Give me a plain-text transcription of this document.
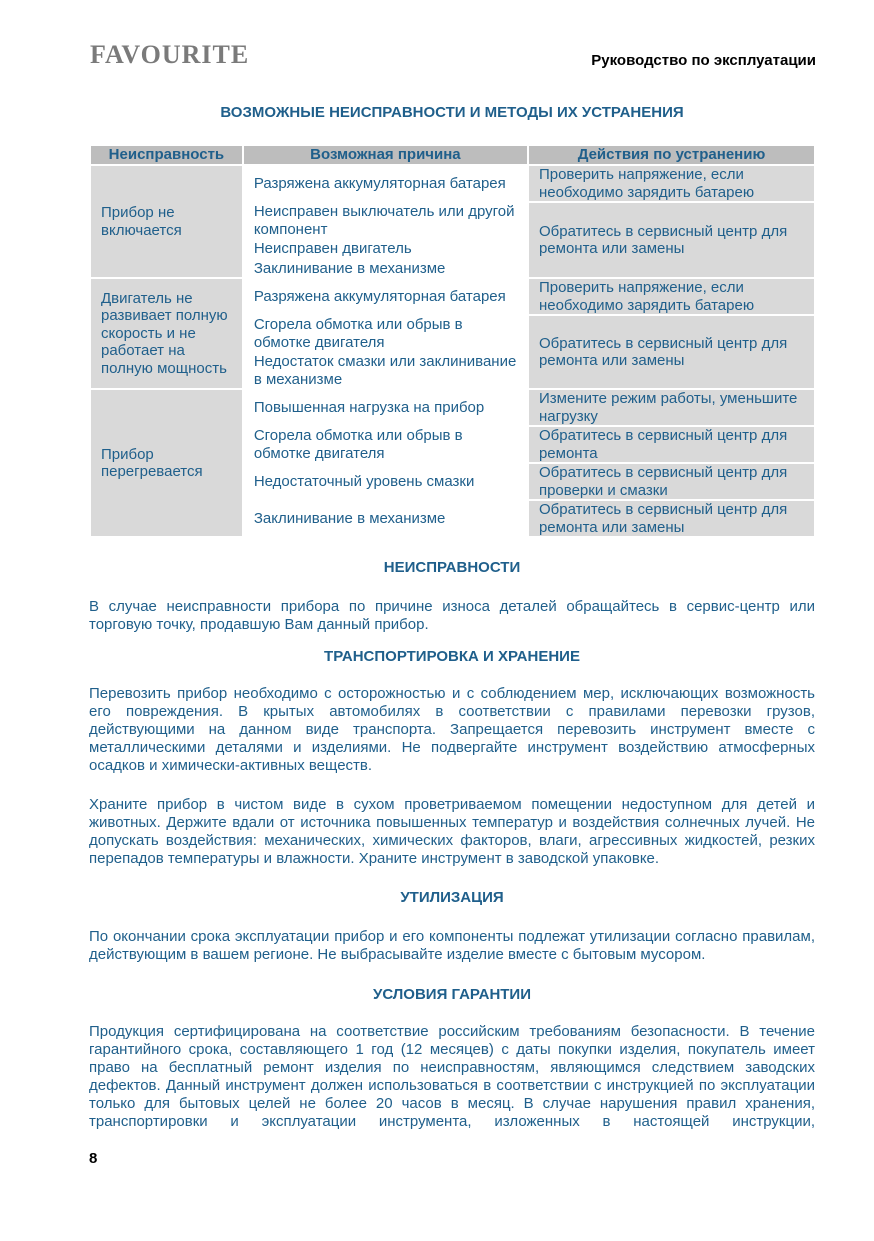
FAVOURITE	Руководство по эксплуатации
ВОЗМОЖНЫЕ НЕИСПРАВНОСТИ И МЕТОДЫ ИХ УСТРАНЕНИЯ
Неисправность	Возможная причина	Действия по устранению
Прибор не включается	Разряжена аккумуляторная батарея	Проверить напряжение, если необходимо зарядить батарею
	Неисправен выключатель или другой компонент	Обратитесь в сервисный центр для ремонта или замены
	Неисправен двигатель	
	Заклинивание в механизме	
Двигатель не развивает полную скорость и не работает на полную мощность	Разряжена аккумуляторная батарея	Проверить напряжение, если необходимо зарядить батарею
	Сгорела обмотка или обрыв в обмотке двигателя	Обратитесь в сервисный центр для ремонта или замены
	Недостаток смазки или заклинивание в механизме	
Прибор перегревается	Повышенная нагрузка на прибор	Измените режим работы, уменьшите нагрузку
	Сгорела обмотка или обрыв в обмотке двигателя	Обратитесь в сервисный центр для ремонта
	Недостаточный уровень смазки	Обратитесь в сервисный центр для проверки и смазки
	Заклинивание в механизме	Обратитесь в сервисный центр для ремонта или замены
НЕИСПРАВНОСТИ
В случае неисправности прибора по причине износа деталей обращайтесь в сервис-центр или торговую точку, продавшую Вам данный прибор.
ТРАНСПОРТИРОВКА И ХРАНЕНИЕ
Перевозить прибор необходимо с осторожностью и с соблюдением мер, исключающих возможность его повреждения. В крытых автомобилях в соответствии с правилами перевозки грузов, действующими на данном виде транспорта. Запрещается перевозить инструмент вместе с металлическими деталями и изделиями. Не подвергайте инструмент воздействию атмосферных осадков и химически-активных веществ.
Храните прибор в чистом виде в сухом проветриваемом помещении недоступном для детей и животных. Держите вдали от источника повышенных температур и воздействия солнечных лучей. Не допускать воздействия: механических, химических факторов, влаги, агрессивных жидкостей, резких перепадов температуры и влажности. Храните инструмент в заводской упаковке.
УТИЛИЗАЦИЯ
По окончании срока эксплуатации прибор и его компоненты подлежат утилизации согласно правилам, действующим в вашем регионе. Не выбрасывайте изделие вместе с бытовым мусором.
УСЛОВИЯ ГАРАНТИИ
Продукция сертифицирована на соответствие российским требованиям безопасности. В течение гарантийного срока, составляющего 1 год (12 месяцев) с даты покупки изделия, покупатель имеет право на бесплатный ремонт изделия по неисправностям, являющимся следствием заводских дефектов. Данный инструмент должен использоваться в соответствии с инструкцией по эксплуатации только для бытовых целей не более 20 часов в месяц. В случае нарушения правил хранения, транспортировки и эксплуатации инструмента, изложенных в настоящей инструкции,
8
